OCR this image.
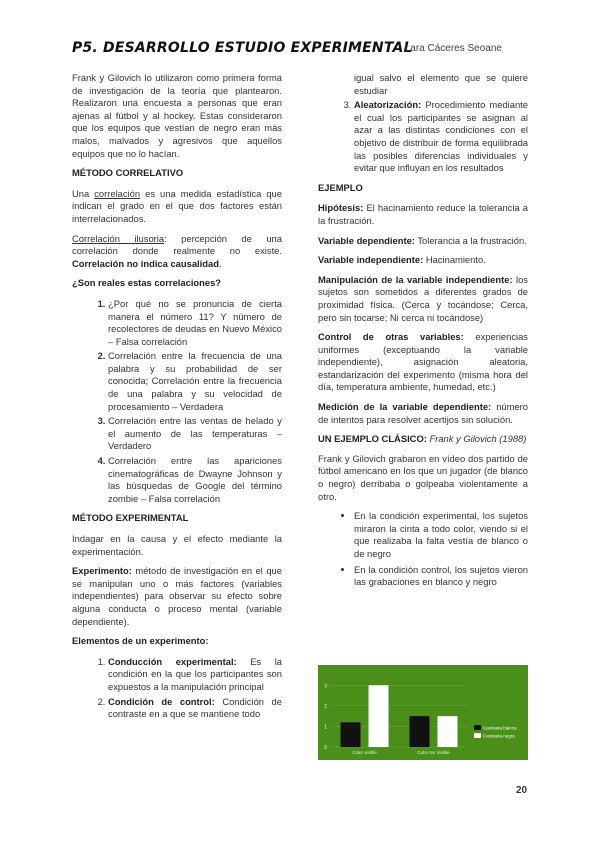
P5. DESARROLLO ESTUDIO EXPERIMENTAL
Lara Cáceres Seoane

Frank y Gilovich lo utilizaron como primera forma de investigación de la teoría que plantearon. Realizaron una encuesta a personas que eran ajenas al fútbol y al hockey. Estas consideraron que los equipos que vestían de negro eran más malos, malvados y agresivos que aquellos equipos que no lo hacían.

MÉTODO CORRELATIVO

Una correlación es una medida estadística que indican el grado en el que dos factores están interrelacionados.

Correlación ilusoria: percepción de una correlación donde realmente no existe. Correlación no indica causalidad.

¿Son reales estas correlaciones?
1. ¿Por qué no se pronuncia de cierta manera el número 11? Y número de recolectores de deudas en Nuevo México – Falsa correlación
2. Correlación entre la frecuencia de una palabra y su probabilidad de ser conocida; Correlación entre la frecuencia de una palabra y su velocidad de procesamiento – Verdadera
3. Correlación entre las ventas de helado y el aumento de las temperaturas – Verdadero
4. Correlación entre las apariciones cinematográficas de Dwayne Johnson y las búsquedas de Google del término zombie – Falsa correlación
MÉTODO EXPERIMENTAL

Indagar en la causa y el efecto mediante la experimentación.

Experimento: método de investigación en el que se manipulan uno o más factores (variables independientes) para observar su efecto sobre alguna conducta o proceso mental (variable dependiente).

Elementos de un experimento:
1. Conducción experimental: Es la condición en la que los participantes son expuestos a la manipulación principal
2. Condición de control: Condición de contraste en a que se mantiene todo
igual salvo el elemento que se quiere estudiar
3. Aleatorización: Procedimiento mediante el cual los participantes se asignan al azar a las distintas condiciones con el objetivo de distribuir de forma equilibrada las posibles diferencias individuales y evitar que influyan en los resultados
EJEMPLO

Hipótesis: El hacinamiento reduce la tolerancia a la frustración.

Variable dependiente: Tolerancia a la frustración.

Variable independiente: Hacinamiento.

Manipulación de la variable independiente: los sujetos son sometidos a diferentes grados de proximidad física. (Cerca y tocándose; Cerca, pero sin tocarse; Ni cerca ni tocándose)

Control de otras variables: experiencias uniformes (exceptuando la variable independiente), asignación aleatoria, estandarización del experimento (misma hora del día, temperatura ambiente, humedad, etc.)

Medición de la variable dependiente: número de intentos para resolver acertijos sin solución.

UN EJEMPLO CLÁSICO: Frank y Gilovich (1988)

Frank y Gilovich grabaron en vídeo dos partido de fútbol americano en los que un jugador (de blanco o negro) derribaba o golpeaba violentamente a otro.

• En la condición experimental, los sujetos miraron la cinta a todo color, viendo si el que realizaba la falta vestía de blanco o de negro
• En la condición control, los sujetos vieron las grabaciones en blanco y negro
0
1
2
3
Color visible	Color No Visible
Camiseta blanca
Camiseta negra
20
